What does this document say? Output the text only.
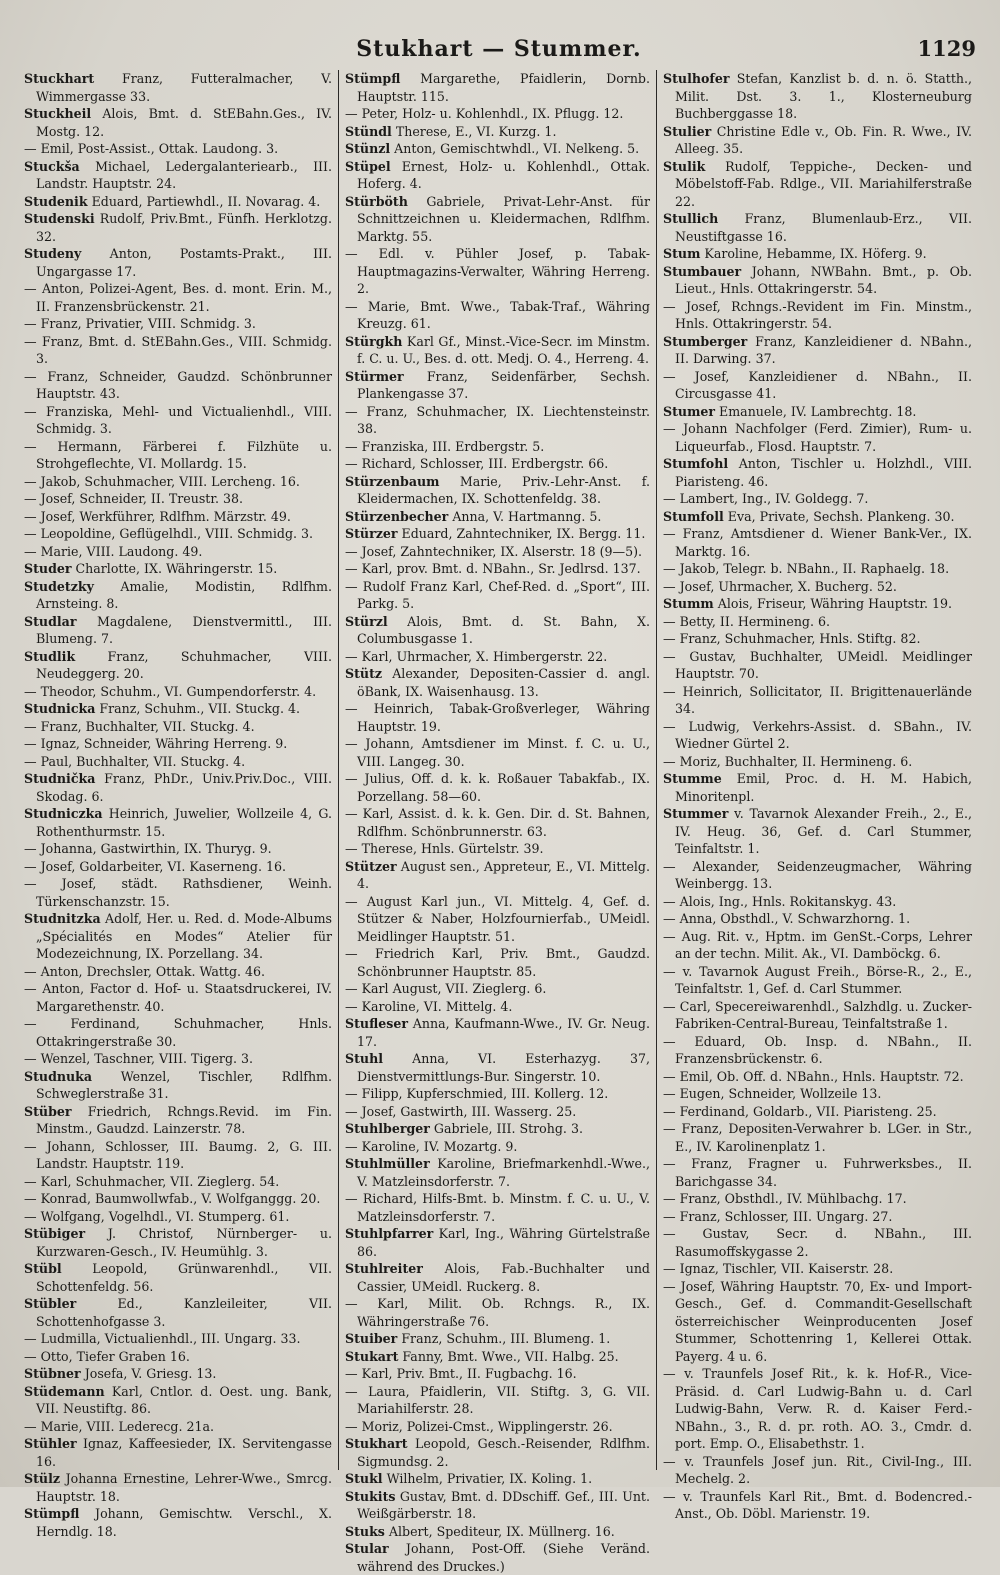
Stukhart — Stummer.	1129

Stuckhart Franz, Futteralmacher, V. Wimmergasse 33.

Stuckheil Alois, Bmt. d. StEBahn.Ges., IV. Mostg. 12.

— Emil, Post-Assist., Ottak. Laudong. 3.

Stuckša Michael, Ledergalanteriearb., III. Landstr. Hauptstr. 24.

Studenik Eduard, Partiewhdl., II. Novarag. 4.

Studenski Rudolf, Priv.Bmt., Fünfh. Herklotzg. 32.

Studeny Anton, Postamts-Prakt., III. Ungargasse 17.

— Anton, Polizei-Agent, Bes. d. mont. Erin. M., II. Franzensbrückenstr. 21.

— Franz, Privatier, VIII. Schmidg. 3.

— Franz, Bmt. d. StEBahn.Ges., VIII. Schmidg. 3.

— Franz, Schneider, Gaudzd. Schönbrunner Hauptstr. 43.

— Franziska, Mehl- und Victualienhdl., VIII. Schmidg. 3.

— Hermann, Färberei f. Filzhüte u. Strohgeflechte, VI. Mollardg. 15.

— Jakob, Schuhmacher, VIII. Lercheng. 16.

— Josef, Schneider, II. Treustr. 38.

— Josef, Werkführer, Rdlfhm. Märzstr. 49.

— Leopoldine, Geflügelhdl., VIII. Schmidg. 3.

— Marie, VIII. Laudong. 49.

Studer Charlotte, IX. Währingerstr. 15.

Studetzky Amalie, Modistin, Rdlfhm. Arnsteing. 8.

Studlar Magdalene, Dienstvermittl., III. Blumeng. 7.

Studlik Franz, Schuhmacher, VIII. Neudeggerg. 20.

— Theodor, Schuhm., VI. Gumpendorferstr. 4.

Studnicka Franz, Schuhm., VII. Stuckg. 4.

— Franz, Buchhalter, VII. Stuckg. 4.

— Ignaz, Schneider, Währing Herreng. 9.

— Paul, Buchhalter, VII. Stuckg. 4.

Studnička Franz, PhDr., Univ.Priv.Doc., VIII. Skodag. 6.

Studniczka Heinrich, Juwelier, Wollzeile 4, G. Rothenthurmstr. 15.

— Johanna, Gastwirthin, IX. Thuryg. 9.

— Josef, Goldarbeiter, VI. Kaserneng. 16.

— Josef, städt. Rathsdiener, Weinh. Türkenschanzstr. 15.

Studnitzka Adolf, Her. u. Red. d. Mode-Albums „Spécialités en Modes“ Atelier für Modezeichnung, IX. Porzellang. 34.

— Anton, Drechsler, Ottak. Wattg. 46.

— Anton, Factor d. Hof- u. Staatsdruckerei, IV. Margarethenstr. 40.

— Ferdinand, Schuhmacher, Hnls. Ottakringerstraße 30.

— Wenzel, Taschner, VIII. Tigerg. 3.

Studnuka Wenzel, Tischler, Rdlfhm. Schweglerstraße 31.

Stüber Friedrich, Rchngs.Revid. im Fin. Minstm., Gaudzd. Lainzerstr. 78.

— Johann, Schlosser, III. Baumg. 2, G. III. Landstr. Hauptstr. 119.

— Karl, Schuhmacher, VII. Zieglerg. 54.

— Konrad, Baumwollwfab., V. Wolfganggg. 20.

— Wolfgang, Vogelhdl., VI. Stumperg. 61.

Stübiger J. Christof, Nürnberger- u. Kurzwaren-Gesch., IV. Heumühlg. 3.

Stübl Leopold, Grünwarenhdl., VII. Schottenfeldg. 56.

Stübler Ed., Kanzleileiter, VII. Schottenhofgasse 3.

— Ludmilla, Victualienhdl., III. Ungarg. 33.

— Otto, Tiefer Graben 16.

Stübner Josefa, V. Griesg. 13.

Stüdemann Karl, Cntlor. d. Oest. ung. Bank, VII. Neustiftg. 86.

— Marie, VIII. Lederecg. 21a.

Stühler Ignaz, Kaffeesieder, IX. Servitengasse 16.

Stülz Johanna Ernestine, Lehrer-Wwe., Smrcg. Hauptstr. 18.

Stümpfl Johann, Gemischtw. Verschl., X. Herndlg. 18.

Stümpfl Margarethe, Pfaidlerin, Dornb. Hauptstr. 115.

— Peter, Holz- u. Kohlenhdl., IX. Pflugg. 12.

Stündl Therese, E., VI. Kurzg. 1.

Stünzl Anton, Gemischtwhdl., VI. Nelkeng. 5.

Stüpel Ernest, Holz- u. Kohlenhdl., Ottak. Hoferg. 4.

Stürböth Gabriele, Privat-Lehr-Anst. für Schnittzeichnen u. Kleidermachen, Rdlfhm. Marktg. 55.

— Edl. v. Pühler Josef, p. Tabak-Hauptmagazins-Verwalter, Währing Herreng. 2.

— Marie, Bmt. Wwe., Tabak-Traf., Währing Kreuzg. 61.

Stürgkh Karl Gf., Minst.-Vice-Secr. im Minstm. f. C. u. U., Bes. d. ott. Medj. O. 4., Herreng. 4.

Stürmer Franz, Seidenfärber, Sechsh. Plankengasse 37.

— Franz, Schuhmacher, IX. Liechtensteinstr. 38.

— Franziska, III. Erdbergstr. 5.

— Richard, Schlosser, III. Erdbergstr. 66.

Stürzenbaum Marie, Priv.-Lehr-Anst. f. Kleidermachen, IX. Schottenfeldg. 38.

Stürzenbecher Anna, V. Hartmanng. 5.

Stürzer Eduard, Zahntechniker, IX. Bergg. 11.

— Josef, Zahntechniker, IX. Alserstr. 18 (9—5).

— Karl, prov. Bmt. d. NBahn., Sr. Jedlrsd. 137.

— Rudolf Franz Karl, Chef-Red. d. „Sport“, III. Parkg. 5.

Stürzl Alois, Bmt. d. St. Bahn, X. Columbusgasse 1.

— Karl, Uhrmacher, X. Himbergerstr. 22.

Stütz Alexander, Depositen-Cassier d. angl. öBank, IX. Waisenhausg. 13.

— Heinrich, Tabak-Großverleger, Währing Hauptstr. 19.

— Johann, Amtsdiener im Minst. f. C. u. U., VIII. Langeg. 30.

— Julius, Off. d. k. k. Roßauer Tabakfab., IX. Porzellang. 58—60.

— Karl, Assist. d. k. k. Gen. Dir. d. St. Bahnen, Rdlfhm. Schönbrunnerstr. 63.

— Therese, Hnls. Gürtelstr. 39.

Stützer August sen., Appreteur, E., VI. Mittelg. 4.

— August Karl jun., VI. Mittelg. 4, Gef. d. Stützer & Naber, Holzfournierfab., UMeidl. Meidlinger Hauptstr. 51.

— Friedrich Karl, Priv. Bmt., Gaudzd. Schönbrunner Hauptstr. 85.

— Karl August, VII. Zieglerg. 6.

— Karoline, VI. Mittelg. 4.

Stufleser Anna, Kaufmann-Wwe., IV. Gr. Neug. 17.

Stuhl Anna, VI. Esterhazyg. 37, Dienstvermittlungs-Bur. Singerstr. 10.

— Filipp, Kupferschmied, III. Kollerg. 12.

— Josef, Gastwirth, III. Wasserg. 25.

Stuhlberger Gabriele, III. Strohg. 3.

— Karoline, IV. Mozartg. 9.

Stuhlmüller Karoline, Briefmarkenhdl.-Wwe., V. Matzleinsdorferstr. 7.

— Richard, Hilfs-Bmt. b. Minstm. f. C. u. U., V. Matzleinsdorferstr. 7.

Stuhlpfarrer Karl, Ing., Währing Gürtelstraße 86.

Stuhlreiter Alois, Fab.-Buchhalter und Cassier, UMeidl. Ruckerg. 8.

— Karl, Milit. Ob. Rchngs. R., IX. Währingerstraße 76.

Stuiber Franz, Schuhm., III. Blumeng. 1.

Stukart Fanny, Bmt. Wwe., VII. Halbg. 25.

— Karl, Priv. Bmt., II. Fugbachg. 16.

— Laura, Pfaidlerin, VII. Stiftg. 3, G. VII. Mariahilferstr. 28.

— Moriz, Polizei-Cmst., Wipplingerstr. 26.

Stukhart Leopold, Gesch.-Reisender, Rdlfhm. Sigmundsg. 2.

Stukl Wilhelm, Privatier, IX. Koling. 1.

Stukits Gustav, Bmt. d. DDschiff. Gef., III. Unt. Weißgärberstr. 18.

Stuks Albert, Spediteur, IX. Müllnerg. 16.

Stular Johann, Post-Off. (Siehe Veränd. während des Druckes.)

Stulhofer Stefan, Kanzlist b. d. n. ö. Statth., Milit. Dst. 3. 1., Klosterneuburg Buchberggasse 18.

Stulier Christine Edle v., Ob. Fin. R. Wwe., IV. Alleeg. 35.

Stulik Rudolf, Teppiche-, Decken- und Möbelstoff-Fab. Rdlge., VII. Mariahilferstraße 22.

Stullich Franz, Blumenlaub-Erz., VII. Neustiftgasse 16.

Stum Karoline, Hebamme, IX. Höferg. 9.

Stumbauer Johann, NWBahn. Bmt., p. Ob. Lieut., Hnls. Ottakringerstr. 54.

— Josef, Rchngs.-Revident im Fin. Minstm., Hnls. Ottakringerstr. 54.

Stumberger Franz, Kanzleidiener d. NBahn., II. Darwing. 37.

— Josef, Kanzleidiener d. NBahn., II. Circusgasse 41.

Stumer Emanuele, IV. Lambrechtg. 18.

— Johann Nachfolger (Ferd. Zimier), Rum- u. Liqueurfab., Flosd. Hauptstr. 7.

Stumfohl Anton, Tischler u. Holzhdl., VIII. Piaristeng. 46.

— Lambert, Ing., IV. Goldegg. 7.

Stumfoll Eva, Private, Sechsh. Plankeng. 30.

— Franz, Amtsdiener d. Wiener Bank-Ver., IX. Marktg. 16.

— Jakob, Telegr. b. NBahn., II. Raphaelg. 18.

— Josef, Uhrmacher, X. Bucherg. 52.

Stumm Alois, Friseur, Währing Hauptstr. 19.

— Betty, II. Hermineng. 6.

— Franz, Schuhmacher, Hnls. Stiftg. 82.

— Gustav, Buchhalter, UMeidl. Meidlinger Hauptstr. 70.

— Heinrich, Sollicitator, II. Brigittenauerlände 34.

— Ludwig, Verkehrs-Assist. d. SBahn., IV. Wiedner Gürtel 2.

— Moriz, Buchhalter, II. Hermineng. 6.

Stumme Emil, Proc. d. H. M. Habich, Minoritenpl.

Stummer v. Tavarnok Alexander Freih., 2., E., IV. Heug. 36, Gef. d. Carl Stummer, Teinfaltstr. 1.

— Alexander, Seidenzeugmacher, Währing Weinbergg. 13.

— Alois, Ing., Hnls. Rokitanskyg. 43.

— Anna, Obsthdl., V. Schwarzhorng. 1.

— Aug. Rit. v., Hptm. im GenSt.-Corps, Lehrer an der techn. Milit. Ak., VI. Damböckg. 6.

— v. Tavarnok August Freih., Börse-R., 2., E., Teinfaltstr. 1, Gef. d. Carl Stummer.

— Carl, Specereiwarenhdl., Salzhdlg. u. Zucker-Fabriken-Central-Bureau, Teinfaltstraße 1.

— Eduard, Ob. Insp. d. NBahn., II. Franzensbrückenstr. 6.

— Emil, Ob. Off. d. NBahn., Hnls. Hauptstr. 72.

— Eugen, Schneider, Wollzeile 13.

— Ferdinand, Goldarb., VII. Piaristeng. 25.

— Franz, Depositen-Verwahrer b. LGer. in Str., E., IV. Karolinenplatz 1.

— Franz, Fragner u. Fuhrwerksbes., II. Barichgasse 34.

— Franz, Obsthdl., IV. Mühlbachg. 17.

— Franz, Schlosser, III. Ungarg. 27.

— Gustav, Secr. d. NBahn., III. Rasumoffskygasse 2.

— Ignaz, Tischler, VII. Kaiserstr. 28.

— Josef, Währing Hauptstr. 70, Ex- und Import-Gesch., Gef. d. Commandit-Gesellschaft österreichischer Weinproducenten Josef Stummer, Schottenring 1, Kellerei Ottak. Payerg. 4 u. 6.

— v. Traunfels Josef Rit., k. k. Hof-R., Vice-Präsid. d. Carl Ludwig-Bahn u. d. Carl Ludwig-Bahn, Verw. R. d. Kaiser Ferd.-NBahn., 3., R. d. pr. roth. AO. 3., Cmdr. d. port. Emp. O., Elisabethstr. 1.

— v. Traunfels Josef jun. Rit., Civil-Ing., III. Mechelg. 2.

— v. Traunfels Karl Rit., Bmt. d. Bodencred.-Anst., Ob. Döbl. Marienstr. 19.
